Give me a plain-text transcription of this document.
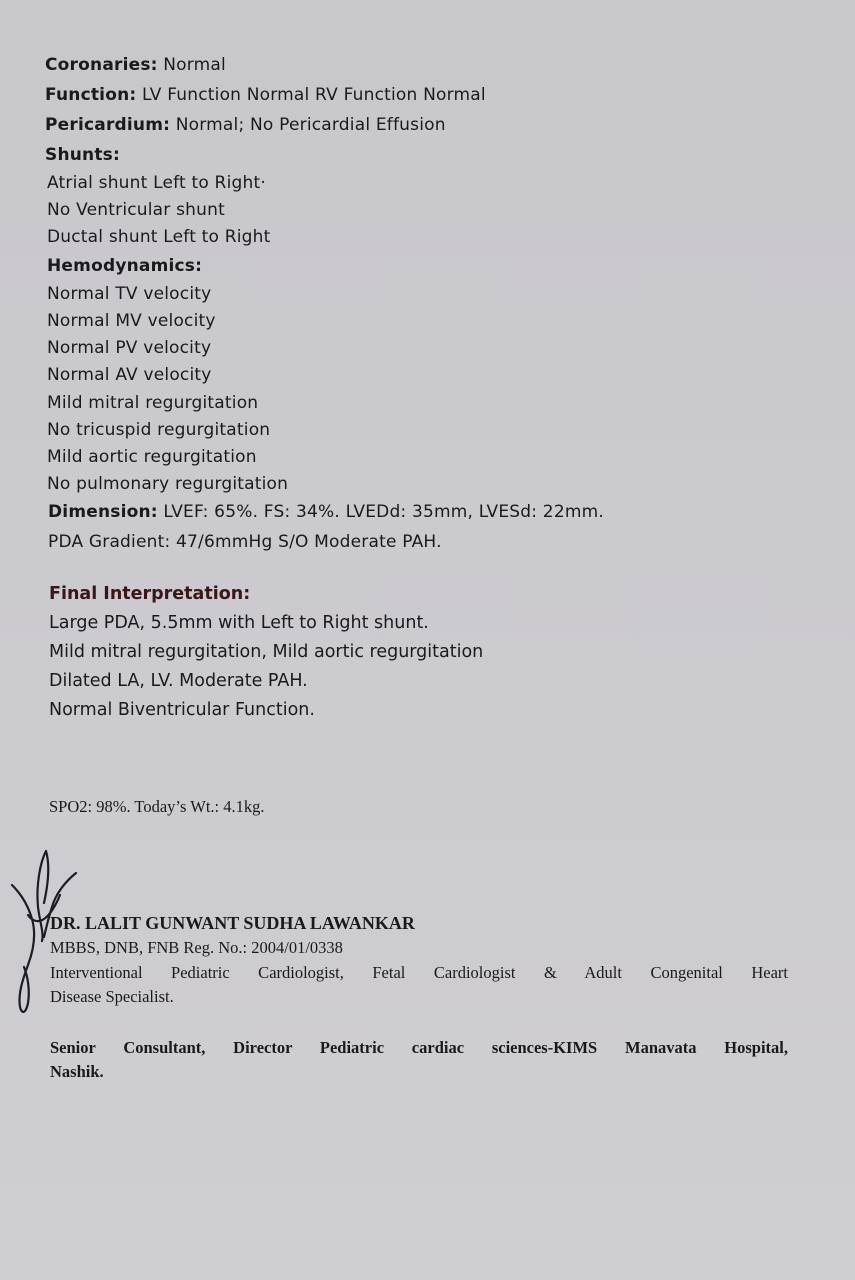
Coronaries: Normal
Function: LV Function Normal RV Function Normal
Pericardium: Normal; No Pericardial Effusion
Shunts:
Atrial shunt Left to Right·
No Ventricular shunt
Ductal shunt Left to Right
Hemodynamics:
Normal TV velocity
Normal MV velocity
Normal PV velocity
Normal AV velocity
Mild mitral regurgitation
No tricuspid regurgitation
Mild aortic regurgitation
No pulmonary regurgitation
Dimension: LVEF: 65%. FS: 34%. LVEDd: 35mm, LVESd: 22mm.
PDA Gradient: 47/6mmHg S/O Moderate PAH.
Final Interpretation:
Large PDA, 5.5mm with Left to Right shunt.
Mild mitral regurgitation, Mild aortic regurgitation
Dilated LA, LV. Moderate PAH.
Normal Biventricular Function.
SPO2: 98%. Today’s Wt.: 4.1kg.
DR. LALIT GUNWANT SUDHA LAWANKAR
MBBS, DNB, FNB Reg. No.: 2004/01/0338
Interventional Pediatric Cardiologist, Fetal Cardiologist & Adult Congenital Heart
Disease Specialist.
Senior Consultant, Director Pediatric cardiac sciences-KIMS Manavata Hospital,
Nashik.
